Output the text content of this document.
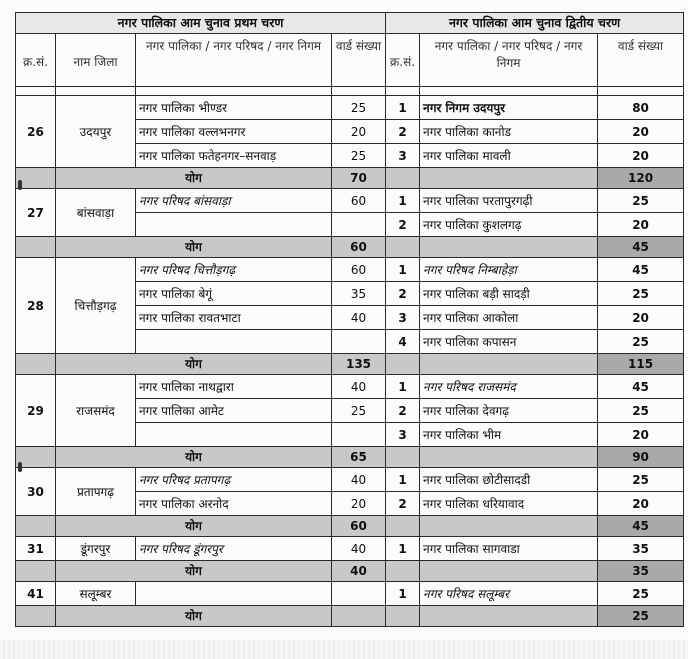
नगर पालिका आम चुनाव प्रथम चरण				नगर पालिका आम चुनाव द्वितीय चरण		
क्र.सं.	नाम जिला	नगर पालिका / नगर परिषद / नगर निगम	वार्ड संख्या	क्र.सं.	नगर पालिका / नगर परिषद / नगर निगम	वार्ड संख्या

26	उदयपुर	नगर पालिका भीण्डर	25	1	नगर निगम उदयपुर	80
		नगर पालिका वल्लभनगर	20	2	नगर पालिका कानोड	20
		नगर पालिका फतेहनगर–सनवाड़	25	3	नगर पालिका मावली	20
	योग		70			120
27	बांसवाड़ा	नगर परिषद बांसवाड़ा	60	1	नगर पालिका परतापुरगढ़ी	25
				2	नगर पालिका कुशलगढ़	20
	योग		60			45
28	चित्तौड़गढ़	नगर परिषद चित्तौड़गढ़	60	1	नगर परिषद निम्बाहेड़ा	45
		नगर पालिका बेगूं	35	2	नगर पालिका बड़ी सादड़ी	25
		नगर पालिका रावतभाटा	40	3	नगर पालिका आकोला	20
				4	नगर पालिका कपासन	25
	योग		135			115
29	राजसमंद	नगर पालिका नाथद्वारा	40	1	नगर परिषद राजसमंद	45
		नगर पालिका आमेट	25	2	नगर पालिका देवगढ़	25
				3	नगर पालिका भीम	20
	योग		65			90
30	प्रतापगढ़	नगर परिषद प्रतापगढ़	40	1	नगर पालिका छोटीसादडी	25
		नगर पालिका अरनोद	20	2	नगर पालिका धरियावाद	20
	योग		60			45
31	डूंगरपुर	नगर परिषद डूंगरपुर	40	1	नगर पालिका सागवाडा	35
	योग		40			35
41	सलूम्बर			1	नगर परिषद सलूम्बर	25
	योग					25
